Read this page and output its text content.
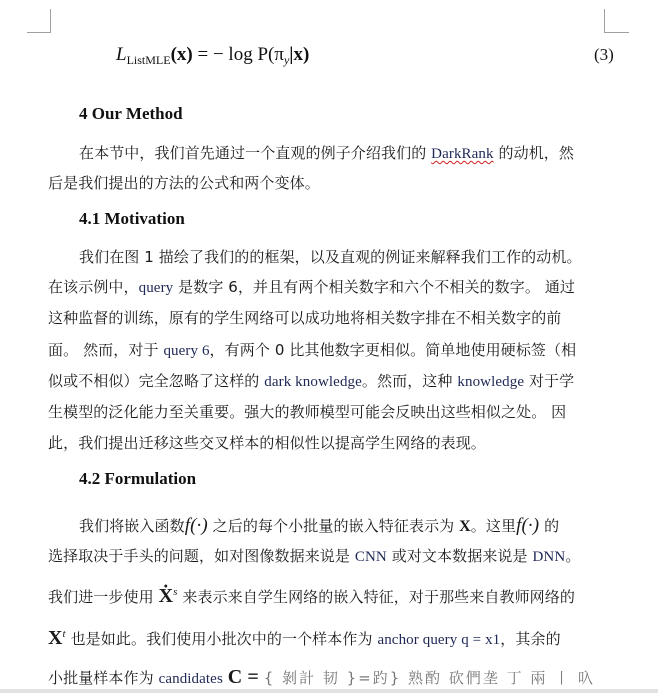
$L_{ListMLE}(x)$ = − $\log P(\pi_y|x)$	(3)
4 Our Method
在本节中，我们首先通过一个直观的例子介绍我们的 DarkRank 的动机，然
后是我们提出的方法的公式和两个变体。
4.1 Motivation
我们在图 1 描绘了我们的的框架，以及直观的例证来解释我们工作的动机。
在该示例中，query 是数字 6，并且有两个相关数字和六个不相关的数字。 通过
这种监督的训练，原有的学生网络可以成功地将相关数字排在不相关数字的前
面。 然而，对于 query 6，有两个 0 比其他数字更相似。简单地使用硬标签（相
似或不相似）完全忽略了这样的 dark knowledge。然而，这种 knowledge 对于学
生模型的泛化能力至关重要。强大的教师模型可能会反映出这些相似之处。 因
此，我们提出迁移这些交叉样本的相似性以提高学生网络的表现。
4.2 Formulation
我们将嵌入函数f(·) 之后的每个小批量的嵌入特征表示为 X。这里f(·) 的
选择取决于手头的问题，如对图像数据来说是 CNN 或对文本数据来说是 DNN。
我们进一步使用 Ẋ$^s$ 来表示来自学生网络的嵌入特征，对于那些来自教师网络的
$X^t$ 也是如此。我们使用小批次中的一个样本作为 anchor query q = x1，其余的
小批量样本作为 candidates C = { 剝計 韧 }=趵} 熟酌 砍們垄 丁 兩 丨 叺
